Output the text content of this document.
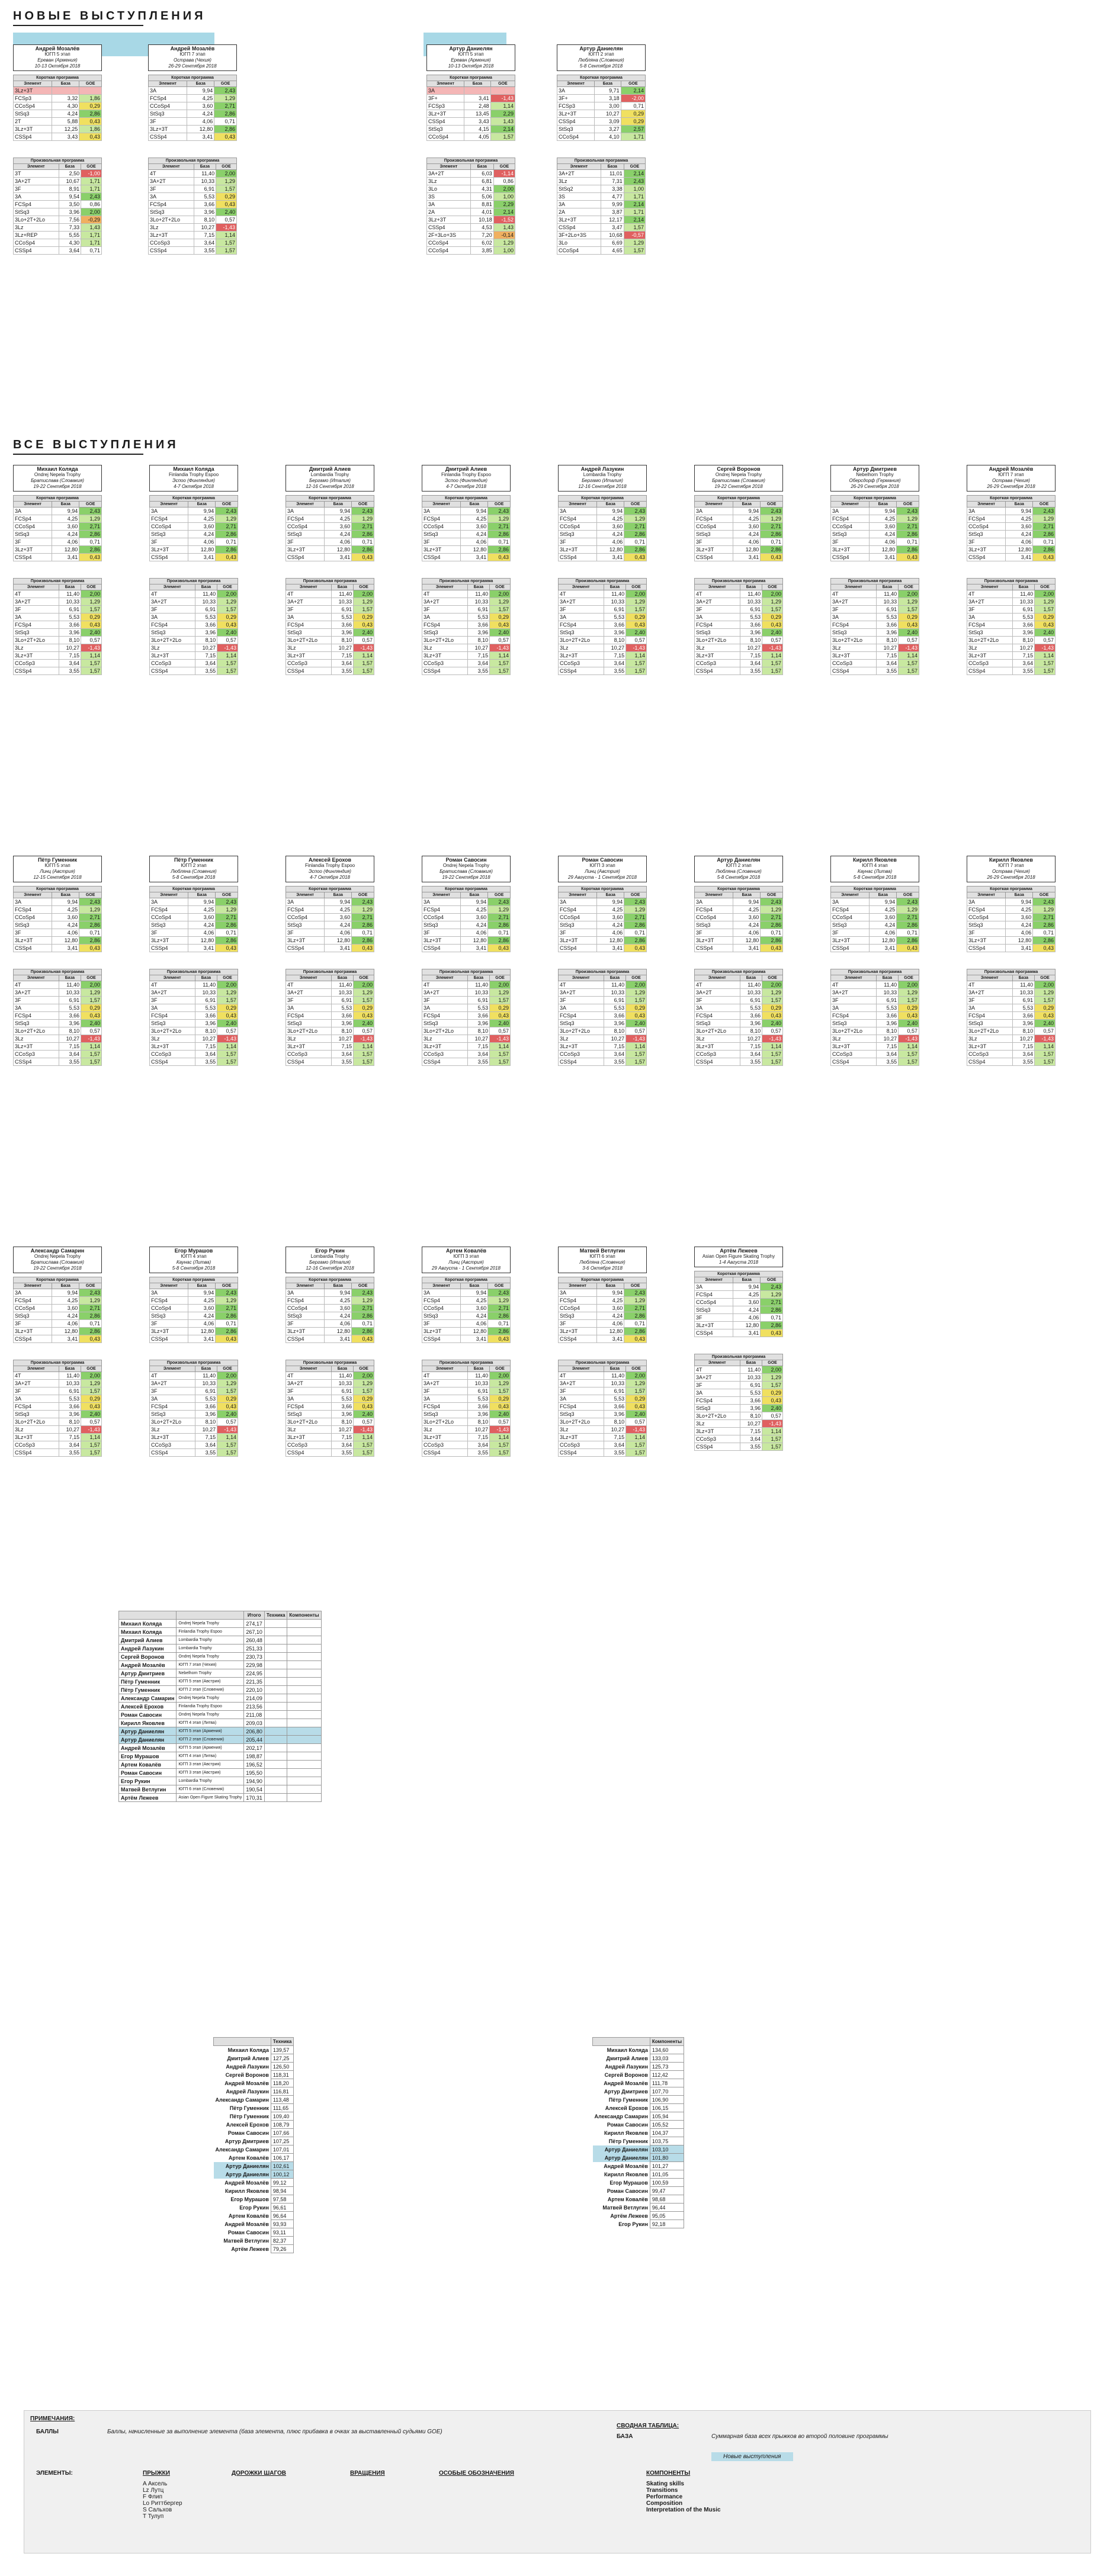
НОВЫЕ ВЫСТУПЛЕНИЯ
ВСЕ ВЫСТУПЛЕНИЯ
Андрей Мозалёв
ЮГП 5 этап
Ереван (Армения)
10-13 Октября 2018
Короткая программа		
Элемент	База	GOE
3Lz+3T		
FCSp3	3,32	1,86
CCoSp4	4,30	0,29
StSq3	4,24	2,86
2T	5,88	0,43
3Lz+3T	12,25	1,86
CSSp4	3,43	0,43
Произвольная программа		
Элемент	База	GOE
3T	2,50	-1,00
3A+2T	10,67	1,71
3F	8,91	1,71
3A	9,54	2,43
FCSp4	3,50	0,86
StSq3	3,96	2,00
3Lo+2T+2Lo	7,56	-0,29
3Lz	7,33	1,43
3Lz+REP	5,55	1,71
CCoSp4	4,30	1,71
CSSp4	3,64	0,71
Андрей Мозалёв
ЮГП 7 этап
Острава (Чехия)
26-29 Сентября 2018
Короткая программа		
Элемент	База	GOE
3A	9,94	2,43
FCSp4	4,25	1,29
CCoSp4	3,60	2,71
StSq3	4,24	2,86
3F	4,06	0,71
3Lz+3T	12,80	2,86
CSSp4	3,41	0,43
Произвольная программа		
Элемент	База	GOE
4T	11,40	2,00
3A+2T	10,33	1,29
3F	6,91	1,57
3A	5,53	0,29
FCSp4	3,66	0,43
StSq3	3,96	2,40
3Lo+2T+2Lo	8,10	0,57
3Lz	10,27	-1,43
3Lz+3T	7,15	1,14
CCoSp3	3,64	1,57
CSSp4	3,55	1,57
Артур Даниелян
ЮГП 5 этап
Ереван (Армения)
10-13 Октября 2018
Короткая программа		
Элемент	База	GOE
3A		
3F+	3,41	-1,43
FCSp3	2,48	1,14
3Lz+3T	13,45	2,29
CSSp4	3,43	1,43
StSq3	4,15	2,14
CCoSp4	4,05	1,57
Произвольная программа		
Элемент	База	GOE
3A+2T	6,03	-1,14
3Lz	6,81	0,86
3Lo	4,31	2,00
3S	5,06	1,00
3A	8,81	2,29
2A	4,01	2,14
3Lz+3T	10,18	-1,52
CSSp4	4,53	1,43
2F+3Lo+3S	7,20	-0,14
CCoSp4	6,02	1,29
CCoSp4	3,85	1,00
Артур Даниелян
ЮГП 2 этап
Любляна (Словения)
5-8 Сентября 2018
Короткая программа		
Элемент	База	GOE
3A	9,71	2,14
3F+	3,18	-2,00
FCSp3	3,00	0,71
3Lz+3T	10,27	0,29
CSSp4	3,09	0,29
StSq3	3,27	2,57
CCoSp4	4,10	1,71
Произвольная программа		
Элемент	База	GOE
3A+2T	11,01	2,14
3Lz	7,31	2,43
StSq2	3,38	1,00
3S	4,77	1,71
3A	9,99	2,14
2A	3,87	1,71
3Lz+3T	12,17	2,14
CSSp4	3,47	1,57
3F+2Lo+3S	10,68	-0,57
3Lo	6,69	1,29
CCoSp4	4,65	1,57
Михаил Коляда
Ondrej Nepela Trophy
Братислава (Словакия)
19-22 Сентября 2018
Короткая программа		
Элемент	База	GOE
3A	9,94	2,43
FCSp4	4,25	1,29
CCoSp4	3,60	2,71
StSq3	4,24	2,86
3F	4,06	0,71
3Lz+3T	12,80	2,86
CSSp4	3,41	0,43
Произвольная программа		
Элемент	База	GOE
4T	11,40	2,00
3A+2T	10,33	1,29
3F	6,91	1,57
3A	5,53	0,29
FCSp4	3,66	0,43
StSq3	3,96	2,40
3Lo+2T+2Lo	8,10	0,57
3Lz	10,27	-1,43
3Lz+3T	7,15	1,14
CCoSp3	3,64	1,57
CSSp4	3,55	1,57
Михаил Коляда
Finlandia Trophy Espoo
Эспоо (Финляндия)
4-7 Октября 2018
Короткая программа		
Элемент	База	GOE
3A	9,94	2,43
FCSp4	4,25	1,29
CCoSp4	3,60	2,71
StSq3	4,24	2,86
3F	4,06	0,71
3Lz+3T	12,80	2,86
CSSp4	3,41	0,43
Произвольная программа		
Элемент	База	GOE
4T	11,40	2,00
3A+2T	10,33	1,29
3F	6,91	1,57
3A	5,53	0,29
FCSp4	3,66	0,43
StSq3	3,96	2,40
3Lo+2T+2Lo	8,10	0,57
3Lz	10,27	-1,43
3Lz+3T	7,15	1,14
CCoSp3	3,64	1,57
CSSp4	3,55	1,57
Дмитрий Алиев
Lombardia Trophy
Бергамо (Италия)
12-16 Сентября 2018
Короткая программа		
Элемент	База	GOE
3A	9,94	2,43
FCSp4	4,25	1,29
CCoSp4	3,60	2,71
StSq3	4,24	2,86
3F	4,06	0,71
3Lz+3T	12,80	2,86
CSSp4	3,41	0,43
Произвольная программа		
Элемент	База	GOE
4T	11,40	2,00
3A+2T	10,33	1,29
3F	6,91	1,57
3A	5,53	0,29
FCSp4	3,66	0,43
StSq3	3,96	2,40
3Lo+2T+2Lo	8,10	0,57
3Lz	10,27	-1,43
3Lz+3T	7,15	1,14
CCoSp3	3,64	1,57
CSSp4	3,55	1,57
Дмитрий Алиев
Finlandia Trophy Espoo
Эспоо (Финляндия)
4-7 Октября 2018
Короткая программа		
Элемент	База	GOE
3A	9,94	2,43
FCSp4	4,25	1,29
CCoSp4	3,60	2,71
StSq3	4,24	2,86
3F	4,06	0,71
3Lz+3T	12,80	2,86
CSSp4	3,41	0,43
Произвольная программа		
Элемент	База	GOE
4T	11,40	2,00
3A+2T	10,33	1,29
3F	6,91	1,57
3A	5,53	0,29
FCSp4	3,66	0,43
StSq3	3,96	2,40
3Lo+2T+2Lo	8,10	0,57
3Lz	10,27	-1,43
3Lz+3T	7,15	1,14
CCoSp3	3,64	1,57
CSSp4	3,55	1,57
Андрей Лазукин
Lombardia Trophy
Бергамо (Италия)
12-16 Сентября 2018
Короткая программа		
Элемент	База	GOE
3A	9,94	2,43
FCSp4	4,25	1,29
CCoSp4	3,60	2,71
StSq3	4,24	2,86
3F	4,06	0,71
3Lz+3T	12,80	2,86
CSSp4	3,41	0,43
Произвольная программа		
Элемент	База	GOE
4T	11,40	2,00
3A+2T	10,33	1,29
3F	6,91	1,57
3A	5,53	0,29
FCSp4	3,66	0,43
StSq3	3,96	2,40
3Lo+2T+2Lo	8,10	0,57
3Lz	10,27	-1,43
3Lz+3T	7,15	1,14
CCoSp3	3,64	1,57
CSSp4	3,55	1,57
Сергей Воронов
Ondrej Nepela Trophy
Братислава (Словакия)
19-22 Сентября 2018
Короткая программа		
Элемент	База	GOE
3A	9,94	2,43
FCSp4	4,25	1,29
CCoSp4	3,60	2,71
StSq3	4,24	2,86
3F	4,06	0,71
3Lz+3T	12,80	2,86
CSSp4	3,41	0,43
Произвольная программа		
Элемент	База	GOE
4T	11,40	2,00
3A+2T	10,33	1,29
3F	6,91	1,57
3A	5,53	0,29
FCSp4	3,66	0,43
StSq3	3,96	2,40
3Lo+2T+2Lo	8,10	0,57
3Lz	10,27	-1,43
3Lz+3T	7,15	1,14
CCoSp3	3,64	1,57
CSSp4	3,55	1,57
Артур Дмитриев
Nebelhorn Trophy
Оберсдорф (Германия)
26-29 Сентября 2018
Короткая программа		
Элемент	База	GOE
3A	9,94	2,43
FCSp4	4,25	1,29
CCoSp4	3,60	2,71
StSq3	4,24	2,86
3F	4,06	0,71
3Lz+3T	12,80	2,86
CSSp4	3,41	0,43
Произвольная программа		
Элемент	База	GOE
4T	11,40	2,00
3A+2T	10,33	1,29
3F	6,91	1,57
3A	5,53	0,29
FCSp4	3,66	0,43
StSq3	3,96	2,40
3Lo+2T+2Lo	8,10	0,57
3Lz	10,27	-1,43
3Lz+3T	7,15	1,14
CCoSp3	3,64	1,57
CSSp4	3,55	1,57
Андрей Мозалёв
ЮГП 7 этап
Острава (Чехия)
26-29 Сентября 2018
Короткая программа		
Элемент	База	GOE
3A	9,94	2,43
FCSp4	4,25	1,29
CCoSp4	3,60	2,71
StSq3	4,24	2,86
3F	4,06	0,71
3Lz+3T	12,80	2,86
CSSp4	3,41	0,43
Произвольная программа		
Элемент	База	GOE
4T	11,40	2,00
3A+2T	10,33	1,29
3F	6,91	1,57
3A	5,53	0,29
FCSp4	3,66	0,43
StSq3	3,96	2,40
3Lo+2T+2Lo	8,10	0,57
3Lz	10,27	-1,43
3Lz+3T	7,15	1,14
CCoSp3	3,64	1,57
CSSp4	3,55	1,57
Пётр Гуменник
ЮГП 5 этап
Линц (Австрия)
12-15 Сентября 2018
Короткая программа		
Элемент	База	GOE
3A	9,94	2,43
FCSp4	4,25	1,29
CCoSp4	3,60	2,71
StSq3	4,24	2,86
3F	4,06	0,71
3Lz+3T	12,80	2,86
CSSp4	3,41	0,43
Произвольная программа		
Элемент	База	GOE
4T	11,40	2,00
3A+2T	10,33	1,29
3F	6,91	1,57
3A	5,53	0,29
FCSp4	3,66	0,43
StSq3	3,96	2,40
3Lo+2T+2Lo	8,10	0,57
3Lz	10,27	-1,43
3Lz+3T	7,15	1,14
CCoSp3	3,64	1,57
CSSp4	3,55	1,57
Пётр Гуменник
ЮГП 2 этап
Любляна (Словения)
5-8 Сентября 2018
Короткая программа		
Элемент	База	GOE
3A	9,94	2,43
FCSp4	4,25	1,29
CCoSp4	3,60	2,71
StSq3	4,24	2,86
3F	4,06	0,71
3Lz+3T	12,80	2,86
CSSp4	3,41	0,43
Произвольная программа		
Элемент	База	GOE
4T	11,40	2,00
3A+2T	10,33	1,29
3F	6,91	1,57
3A	5,53	0,29
FCSp4	3,66	0,43
StSq3	3,96	2,40
3Lo+2T+2Lo	8,10	0,57
3Lz	10,27	-1,43
3Lz+3T	7,15	1,14
CCoSp3	3,64	1,57
CSSp4	3,55	1,57
Алексей Ерохов
Finlandia Trophy Espoo
Эспоо (Финляндия)
4-7 Октября 2018
Короткая программа		
Элемент	База	GOE
3A	9,94	2,43
FCSp4	4,25	1,29
CCoSp4	3,60	2,71
StSq3	4,24	2,86
3F	4,06	0,71
3Lz+3T	12,80	2,86
CSSp4	3,41	0,43
Произвольная программа		
Элемент	База	GOE
4T	11,40	2,00
3A+2T	10,33	1,29
3F	6,91	1,57
3A	5,53	0,29
FCSp4	3,66	0,43
StSq3	3,96	2,40
3Lo+2T+2Lo	8,10	0,57
3Lz	10,27	-1,43
3Lz+3T	7,15	1,14
CCoSp3	3,64	1,57
CSSp4	3,55	1,57
Роман Савосин
Ondrej Nepela Trophy
Братислава (Словакия)
19-22 Сентября 2018
Короткая программа		
Элемент	База	GOE
3A	9,94	2,43
FCSp4	4,25	1,29
CCoSp4	3,60	2,71
StSq3	4,24	2,86
3F	4,06	0,71
3Lz+3T	12,80	2,86
CSSp4	3,41	0,43
Произвольная программа		
Элемент	База	GOE
4T	11,40	2,00
3A+2T	10,33	1,29
3F	6,91	1,57
3A	5,53	0,29
FCSp4	3,66	0,43
StSq3	3,96	2,40
3Lo+2T+2Lo	8,10	0,57
3Lz	10,27	-1,43
3Lz+3T	7,15	1,14
CCoSp3	3,64	1,57
CSSp4	3,55	1,57
Роман Савосин
ЮГП 3 этап
Линц (Австрия)
29 Августа - 1 Сентября 2018
Короткая программа		
Элемент	База	GOE
3A	9,94	2,43
FCSp4	4,25	1,29
CCoSp4	3,60	2,71
StSq3	4,24	2,86
3F	4,06	0,71
3Lz+3T	12,80	2,86
CSSp4	3,41	0,43
Произвольная программа		
Элемент	База	GOE
4T	11,40	2,00
3A+2T	10,33	1,29
3F	6,91	1,57
3A	5,53	0,29
FCSp4	3,66	0,43
StSq3	3,96	2,40
3Lo+2T+2Lo	8,10	0,57
3Lz	10,27	-1,43
3Lz+3T	7,15	1,14
CCoSp3	3,64	1,57
CSSp4	3,55	1,57
Артур Даниелян
ЮГП 2 этап
Любляна (Словения)
5-8 Сентября 2018
Короткая программа		
Элемент	База	GOE
3A	9,94	2,43
FCSp4	4,25	1,29
CCoSp4	3,60	2,71
StSq3	4,24	2,86
3F	4,06	0,71
3Lz+3T	12,80	2,86
CSSp4	3,41	0,43
Произвольная программа		
Элемент	База	GOE
4T	11,40	2,00
3A+2T	10,33	1,29
3F	6,91	1,57
3A	5,53	0,29
FCSp4	3,66	0,43
StSq3	3,96	2,40
3Lo+2T+2Lo	8,10	0,57
3Lz	10,27	-1,43
3Lz+3T	7,15	1,14
CCoSp3	3,64	1,57
CSSp4	3,55	1,57
Кирилл Яковлев
ЮГП 4 этап
Каунас (Литва)
5-8 Сентября 2018
Короткая программа		
Элемент	База	GOE
3A	9,94	2,43
FCSp4	4,25	1,29
CCoSp4	3,60	2,71
StSq3	4,24	2,86
3F	4,06	0,71
3Lz+3T	12,80	2,86
CSSp4	3,41	0,43
Произвольная программа		
Элемент	База	GOE
4T	11,40	2,00
3A+2T	10,33	1,29
3F	6,91	1,57
3A	5,53	0,29
FCSp4	3,66	0,43
StSq3	3,96	2,40
3Lo+2T+2Lo	8,10	0,57
3Lz	10,27	-1,43
3Lz+3T	7,15	1,14
CCoSp3	3,64	1,57
CSSp4	3,55	1,57
Кирилл Яковлев
ЮГП 7 этап
Острава (Чехия)
26-29 Сентября 2018
Короткая программа		
Элемент	База	GOE
3A	9,94	2,43
FCSp4	4,25	1,29
CCoSp4	3,60	2,71
StSq3	4,24	2,86
3F	4,06	0,71
3Lz+3T	12,80	2,86
CSSp4	3,41	0,43
Произвольная программа		
Элемент	База	GOE
4T	11,40	2,00
3A+2T	10,33	1,29
3F	6,91	1,57
3A	5,53	0,29
FCSp4	3,66	0,43
StSq3	3,96	2,40
3Lo+2T+2Lo	8,10	0,57
3Lz	10,27	-1,43
3Lz+3T	7,15	1,14
CCoSp3	3,64	1,57
CSSp4	3,55	1,57
Александр Самарин
Ondrej Nepela Trophy
Братислава (Словакия)
19-22 Сентября 2018
Короткая программа		
Элемент	База	GOE
3A	9,94	2,43
FCSp4	4,25	1,29
CCoSp4	3,60	2,71
StSq3	4,24	2,86
3F	4,06	0,71
3Lz+3T	12,80	2,86
CSSp4	3,41	0,43
Произвольная программа		
Элемент	База	GOE
4T	11,40	2,00
3A+2T	10,33	1,29
3F	6,91	1,57
3A	5,53	0,29
FCSp4	3,66	0,43
StSq3	3,96	2,40
3Lo+2T+2Lo	8,10	0,57
3Lz	10,27	-1,43
3Lz+3T	7,15	1,14
CCoSp3	3,64	1,57
CSSp4	3,55	1,57
Егор Мурашов
ЮГП 4 этап
Каунас (Литва)
5-8 Сентября 2018
Короткая программа		
Элемент	База	GOE
3A	9,94	2,43
FCSp4	4,25	1,29
CCoSp4	3,60	2,71
StSq3	4,24	2,86
3F	4,06	0,71
3Lz+3T	12,80	2,86
CSSp4	3,41	0,43
Произвольная программа		
Элемент	База	GOE
4T	11,40	2,00
3A+2T	10,33	1,29
3F	6,91	1,57
3A	5,53	0,29
FCSp4	3,66	0,43
StSq3	3,96	2,40
3Lo+2T+2Lo	8,10	0,57
3Lz	10,27	-1,43
3Lz+3T	7,15	1,14
CCoSp3	3,64	1,57
CSSp4	3,55	1,57
Егор Рукин
Lombardia Trophy
Бергамо (Италия)
12-16 Сентября 2018
Короткая программа		
Элемент	База	GOE
3A	9,94	2,43
FCSp4	4,25	1,29
CCoSp4	3,60	2,71
StSq3	4,24	2,86
3F	4,06	0,71
3Lz+3T	12,80	2,86
CSSp4	3,41	0,43
Произвольная программа		
Элемент	База	GOE
4T	11,40	2,00
3A+2T	10,33	1,29
3F	6,91	1,57
3A	5,53	0,29
FCSp4	3,66	0,43
StSq3	3,96	2,40
3Lo+2T+2Lo	8,10	0,57
3Lz	10,27	-1,43
3Lz+3T	7,15	1,14
CCoSp3	3,64	1,57
CSSp4	3,55	1,57
Артем Ковалёв
ЮГП 3 этап
Линц (Австрия)
29 Августа - 1 Сентября 2018
Короткая программа		
Элемент	База	GOE
3A	9,94	2,43
FCSp4	4,25	1,29
CCoSp4	3,60	2,71
StSq3	4,24	2,86
3F	4,06	0,71
3Lz+3T	12,80	2,86
CSSp4	3,41	0,43
Произвольная программа		
Элемент	База	GOE
4T	11,40	2,00
3A+2T	10,33	1,29
3F	6,91	1,57
3A	5,53	0,29
FCSp4	3,66	0,43
StSq3	3,96	2,40
3Lo+2T+2Lo	8,10	0,57
3Lz	10,27	-1,43
3Lz+3T	7,15	1,14
CCoSp3	3,64	1,57
CSSp4	3,55	1,57
Матвей Ветлугин
ЮГП 6 этап
Любляна (Словения)
3-6 Октября 2018
Короткая программа		
Элемент	База	GOE
3A	9,94	2,43
FCSp4	4,25	1,29
CCoSp4	3,60	2,71
StSq3	4,24	2,86
3F	4,06	0,71
3Lz+3T	12,80	2,86
CSSp4	3,41	0,43
Произвольная программа		
Элемент	База	GOE
4T	11,40	2,00
3A+2T	10,33	1,29
3F	6,91	1,57
3A	5,53	0,29
FCSp4	3,66	0,43
StSq3	3,96	2,40
3Lo+2T+2Lo	8,10	0,57
3Lz	10,27	-1,43
3Lz+3T	7,15	1,14
CCoSp3	3,64	1,57
CSSp4	3,55	1,57
Артём Лежеев
Asian Open Figure Skating Trophy
1-4 Августа 2018
Короткая программа		
Элемент	База	GOE
3A	9,94	2,43
FCSp4	4,25	1,29
CCoSp4	3,60	2,71
StSq3	4,24	2,86
3F	4,06	0,71
3Lz+3T	12,80	2,86
CSSp4	3,41	0,43
Произвольная программа		
Элемент	База	GOE
4T	11,40	2,00
3A+2T	10,33	1,29
3F	6,91	1,57
3A	5,53	0,29
FCSp4	3,66	0,43
StSq3	3,96	2,40
3Lo+2T+2Lo	8,10	0,57
3Lz	10,27	-1,43
3Lz+3T	7,15	1,14
CCoSp3	3,64	1,57
CSSp4	3,55	1,57
		Итого	Техника	Компоненты
Михаил Коляда	Ondrej Nepela Trophy	274,17		
Михаил Коляда	Finlandia Trophy Espoo	267,10		
Дмитрий Алиев	Lombardia Trophy	260,48		
Андрей Лазукин	Lombardia Trophy	251,33		
Сергей Воронов	Ondrej Nepela Trophy	230,73		
Андрей Мозалёв	ЮГП 7 этап (Чехия)	229,98		
Артур Дмитриев	Nebelhorn Trophy	224,95		
Пётр Гуменник	ЮГП 5 этап (Австрия)	221,35		
Пётр Гуменник	ЮГП 2 этап (Словения)	220,10		
Александр Самарин	Ondrej Nepela Trophy	214,09		
Алексей Ерохов	Finlandia Trophy Espoo	213,56		
Роман Савосин	Ondrej Nepela Trophy	211,08		
Кирилл Яковлев	ЮГП 4 этап (Литва)	209,03		
Артур Даниелян	ЮГП 5 этап (Армения)	206,80		
Артур Даниелян	ЮГП 2 этап (Словения)	205,44		
Андрей Мозалёв	ЮГП 5 этап (Армения)	202,17		
Егор Мурашов	ЮГП 4 этап (Литва)	198,87		
Артем Ковалёв	ЮГП 3 этап (Австрия)	196,52		
Роман Савосин	ЮГП 3 этап (Австрия)	195,50		
Егор Рукин	Lombardia Trophy	194,90		
Матвей Ветлугин	ЮГП 6 этап (Словения)	190,54		
Артём Лежеев	Asian Open Figure Skating Trophy	170,31		
	Техника
Михаил Коляда	139,57
Дмитрий Алиев	127,25
Андрей Лазукин	126,50
Сергей Воронов	118,31
Андрей Мозалёв	118,20
Андрей Лазукин	116,81
Александр Самарин	113,48
Пётр Гуменник	111,65
Пётр Гуменник	109,40
Алексей Ерохов	108,79
Роман Савосин	107,66
Артур Дмитриев	107,25
Александр Самарин	107,01
Артем Ковалёв	106,17
Артур Даниелян	102,61
Артур Даниелян	100,12
Андрей Мозалёв	99,12
Кирилл Яковлев	98,94
Егор Мурашов	97,58
Егор Рукин	96,61
Артем Ковалёв	96,64
Андрей Мозалёв	93,93
Роман Савосин	93,11
Матвей Ветлугин	82,37
Артём Лежеев	79,26
	Компоненты
Михаил Коляда	134,60
Дмитрий Алиев	133,03
Андрей Лазукин	125,73
Сергей Воронов	112,42
Андрей Мозалёв	111,78
Артур Дмитриев	107,70
Пётр Гуменник	106,90
Алексей Ерохов	106,15
Александр Самарин	105,94
Роман Савосин	105,52
Кирилл Яковлев	104,37
Пётр Гуменник	103,75
Артур Даниелян	103,10
Артур Даниелян	101,80
Андрей Мозалёв	101,27
Кирилл Яковлев	101,05
Егор Мурашов	100,59
Роман Савосин	99,47
Артем Ковалёв	98,68
Матвей Ветлугин	96,44
Артём Лежеев	95,05
Егор Рукин	92,18
ПРИМЕЧАНИЯ:
БАЛЛЫ	Баллы, начисленные за выполнение элемента (база элемента, плюс прибавка в очках за выставленный судьями GOE)
СВОДНАЯ ТАБЛИЦА:
БАЗА	Суммарная база всех прыжков во второй половине программы
Новые выступления
ЭЛЕМЕНТЫ:	ПРЫЖКИ	ДОРОЖКИ ШАГОВ	ВРАЩЕНИЯ	ОСОБЫЕ ОБОЗНАЧЕНИЯ	КОМПОНЕНТЫ
A Аксель
Lz Лутц
F Флип
Lo Риттбергер
S Сальхов
T Тулуп
Skating skills
Transitions
Performance
Composition
Interpretation of the Music
